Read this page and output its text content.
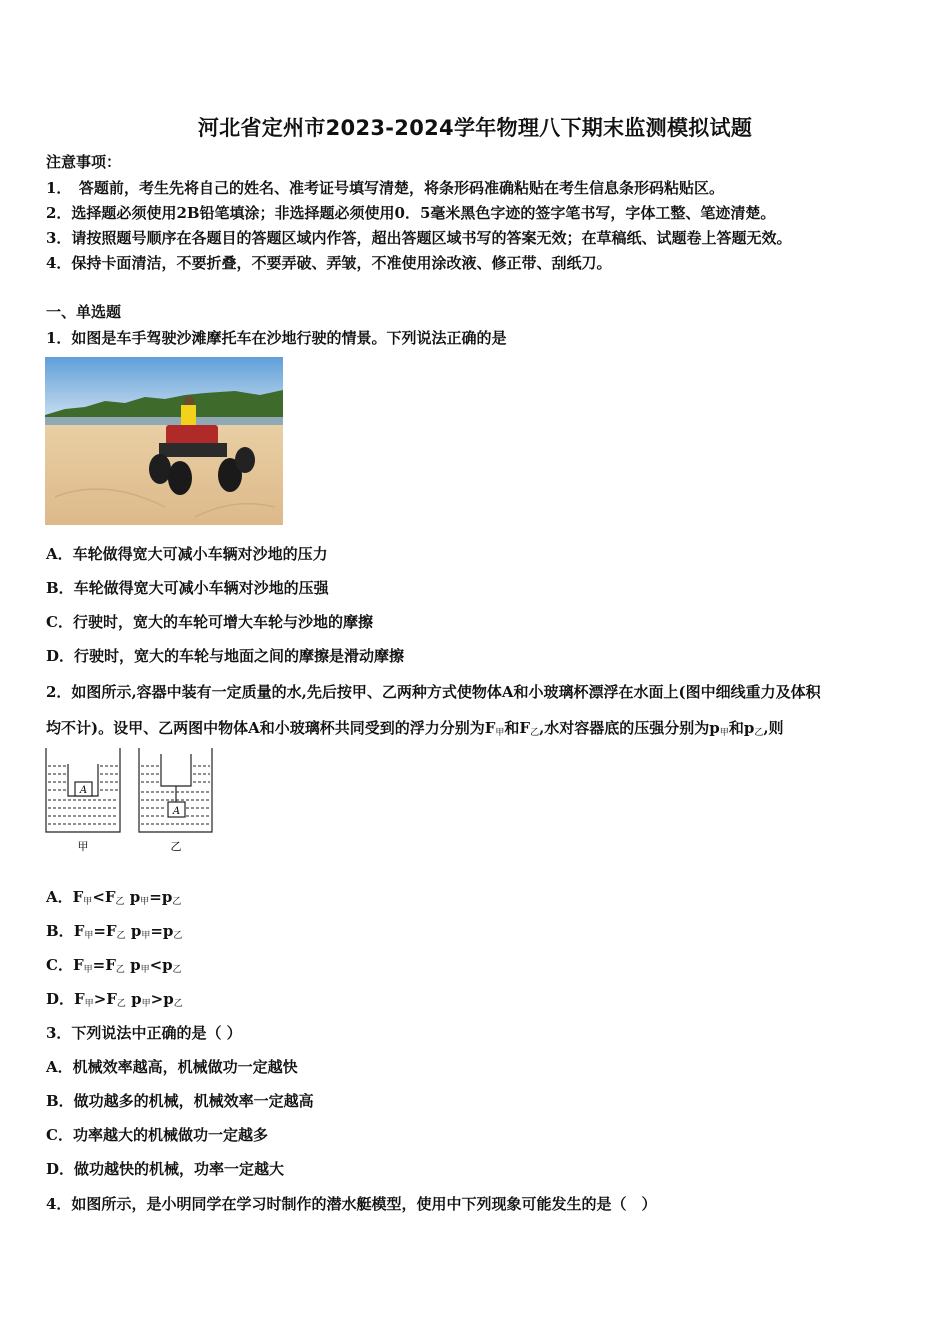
河北省定州市2023-2024学年物理八下期末监测模拟试题
注意事项：
1．　答题前，考生先将自己的姓名、准考证号填写清楚，将条形码准确粘贴在考生信息条形码粘贴区。
2．选择题必须使用2B铅笔填涂；非选择题必须使用0．5毫米黑色字迹的签字笔书写，字体工整、笔迹清楚。
3．请按照题号顺序在各题目的答题区域内作答，超出答题区域书写的答案无效；在草稿纸、试题卷上答题无效。
4．保持卡面清洁，不要折叠，不要弄破、弄皱，不准使用涂改液、修正带、刮纸刀。
一、单选题
1．如图是车手驾驶沙滩摩托车在沙地行驶的情景。下列说法正确的是
A．车轮做得宽大可减小车辆对沙地的压力
B．车轮做得宽大可减小车辆对沙地的压强
C．行驶时，宽大的车轮可增大车轮与沙地的摩擦
D．行驶时，宽大的车轮与地面之间的摩擦是滑动摩擦
2．如图所示,容器中装有一定质量的水,先后按甲、乙两种方式使物体A和小玻璃杯漂浮在水面上(图中细线重力及体积
均不计)。设甲、乙两图中物体A和小玻璃杯共同受到的浮力分别为$F_甲$和$F_乙$,水对容器底的压强分别为$p_甲$和$p_乙$,则
A
A
甲	乙
A．$F_甲<F_乙$ $p_甲=p_乙$
B．$F_甲=F_乙$ $p_甲=p_乙$
C．$F_甲=F_乙$ $p_甲<p_乙$
D．$F_甲>F_乙$ $p_甲>p_乙$
3．下列说法中正确的是（ ）
A．机械效率越高，机械做功一定越快
B．做功越多的机械，机械效率一定越高
C．功率越大的机械做功一定越多
D．做功越快的机械，功率一定越大
4．如图所示，是小明同学在学习时制作的潜水艇模型，使用中下列现象可能发生的是（　）
